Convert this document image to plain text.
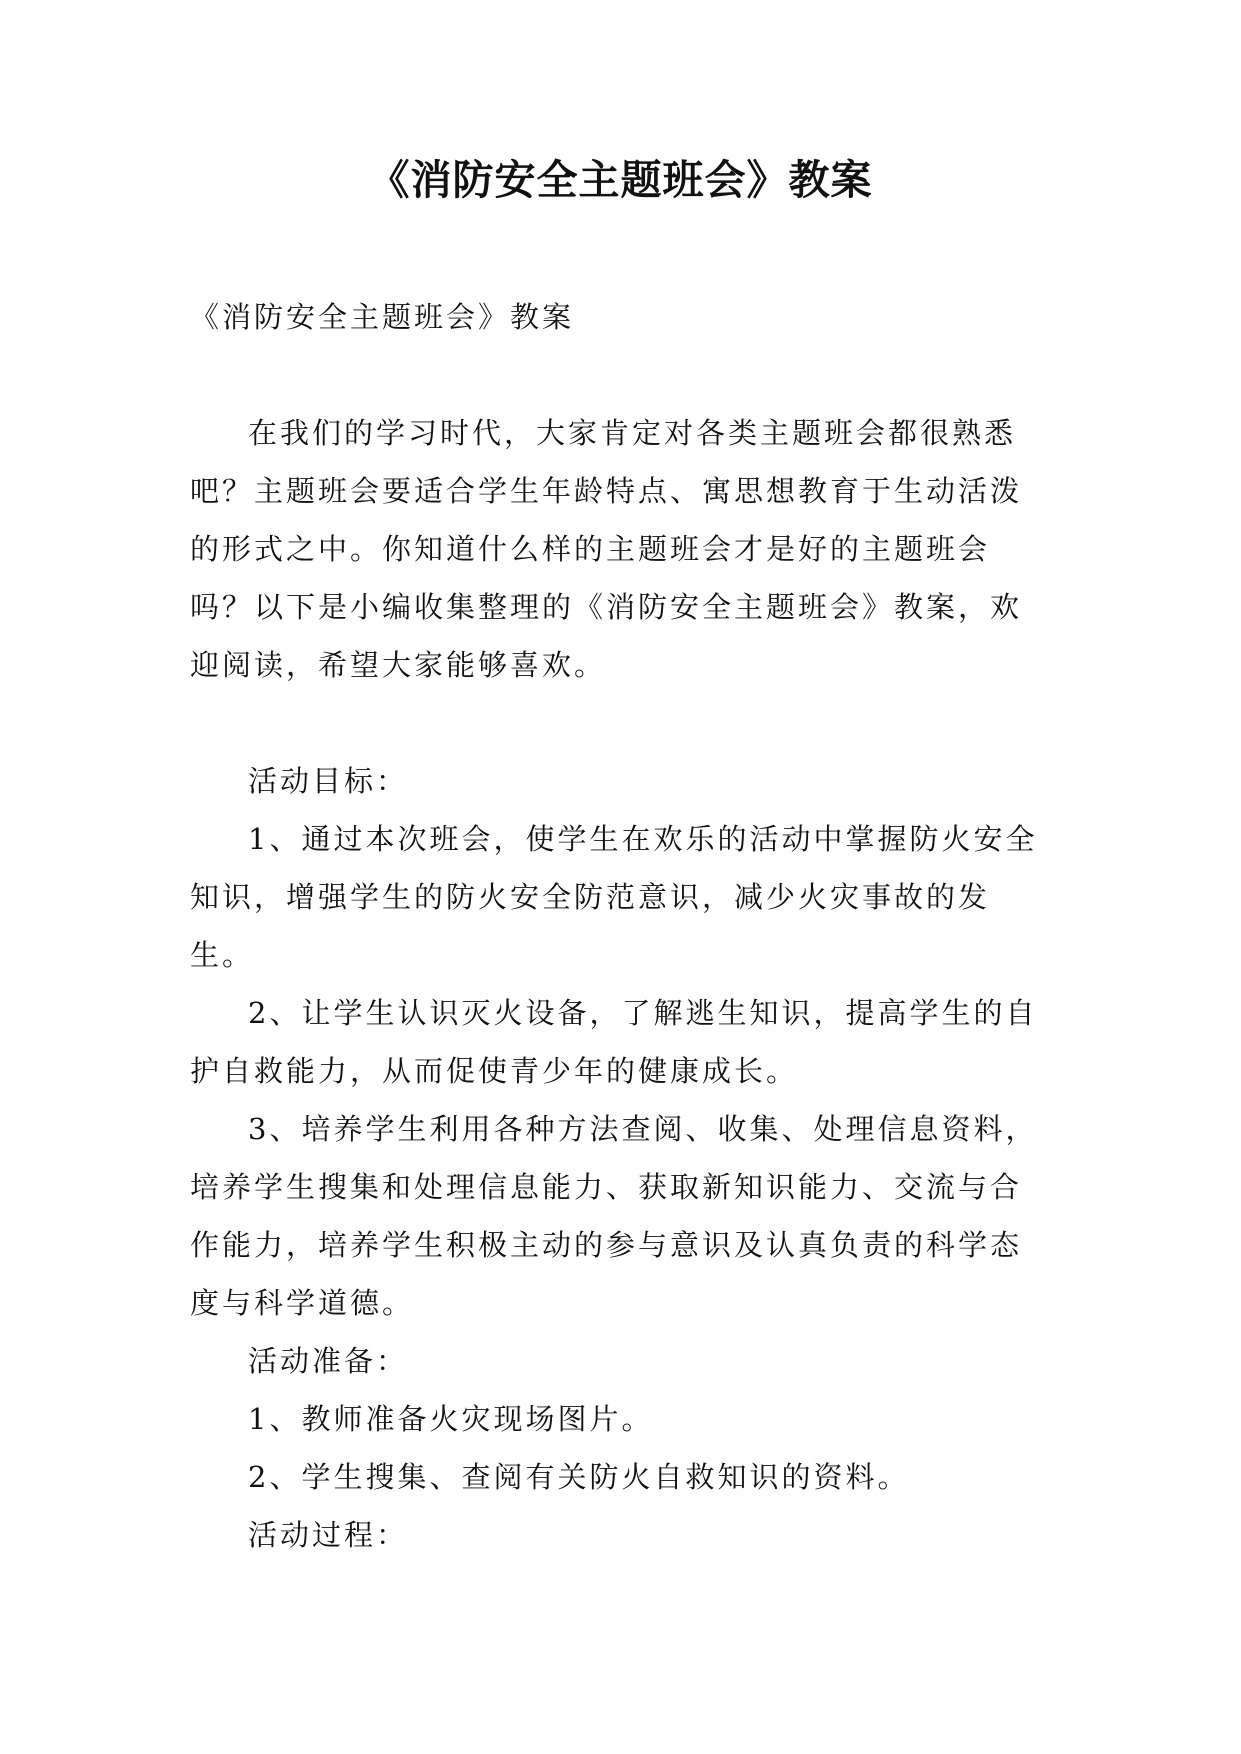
《消防安全主题班会》教案

《消防安全主题班会》教案

在我们的学习时代，大家肯定对各类主题班会都很熟悉吧？主题班会要适合学生年龄特点、寓思想教育于生动活泼的形式之中。你知道什么样的主题班会才是好的主题班会吗？以下是小编收集整理的《消防安全主题班会》教案，欢迎阅读，希望大家能够喜欢。

活动目标：

1、通过本次班会，使学生在欢乐的活动中掌握防火安全知识，增强学生的防火安全防范意识，减少火灾事故的发生。

2、让学生认识灭火设备，了解逃生知识，提高学生的自护自救能力，从而促使青少年的健康成长。

3、培养学生利用各种方法查阅、收集、处理信息资料，培养学生搜集和处理信息能力、获取新知识能力、交流与合作能力，培养学生积极主动的参与意识及认真负责的科学态度与科学道德。

活动准备：

1、教师准备火灾现场图片。

2、学生搜集、查阅有关防火自救知识的资料。

活动过程：
